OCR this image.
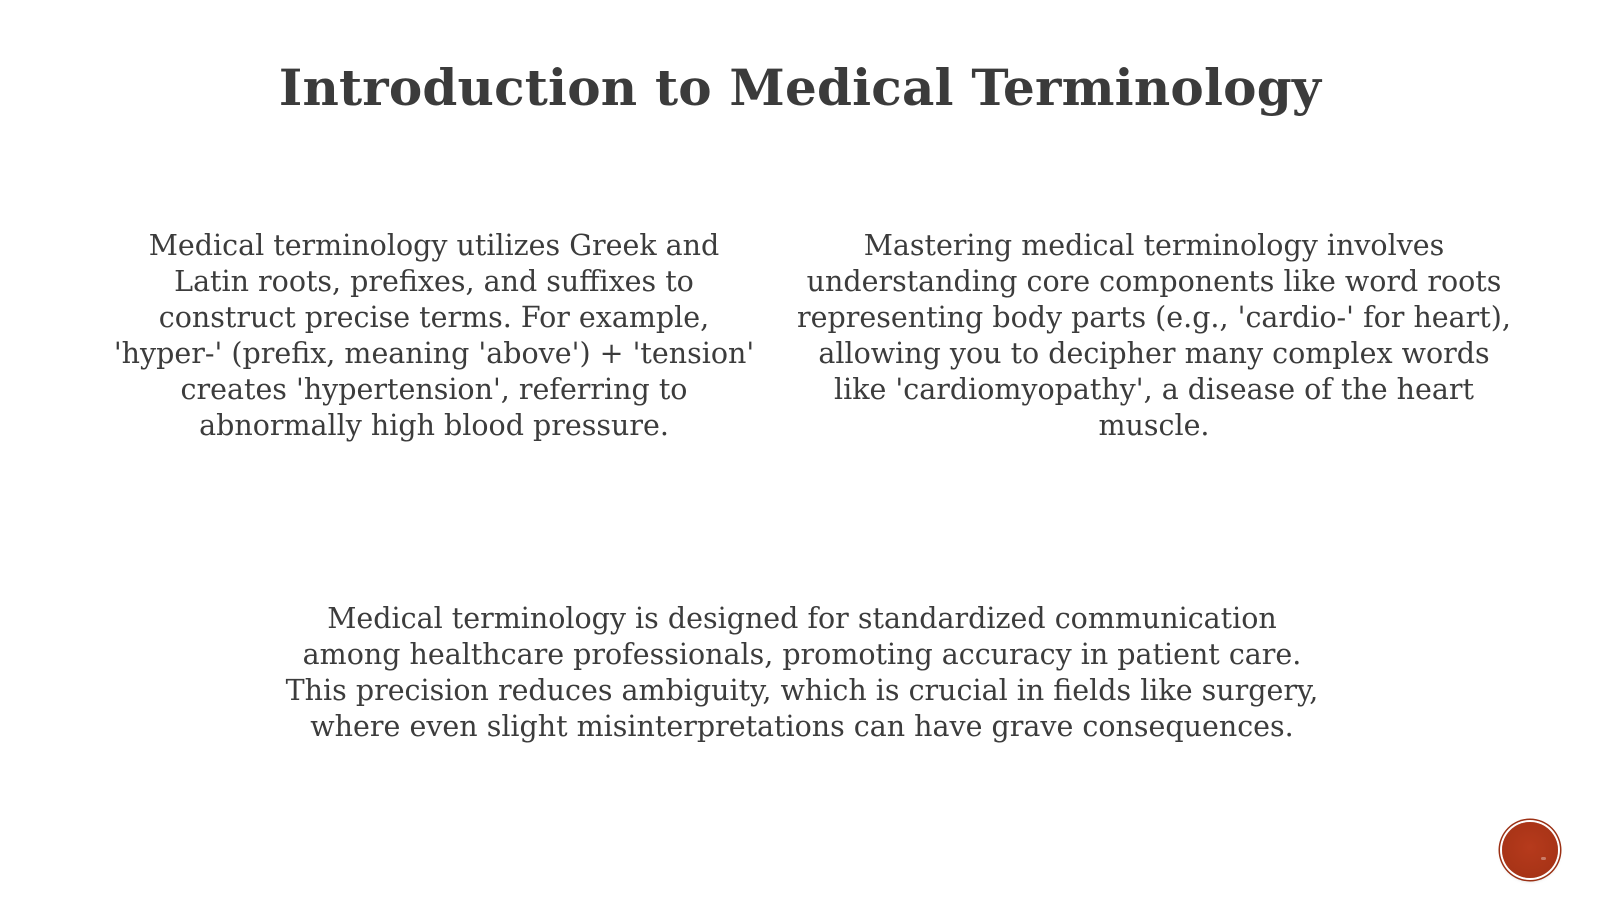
Introduction to Medical Terminology

Medical terminology utilizes Greek and Latin roots, prefixes, and suffixes to construct precise terms. For example, 'hyper-' (prefix, meaning 'above') + 'tension' creates 'hypertension', referring to abnormally high blood pressure.

Mastering medical terminology involves understanding core components like word roots representing body parts (e.g., 'cardio-' for heart), allowing you to decipher many complex words like 'cardiomyopathy', a disease of the heart muscle.

Medical terminology is designed for standardized communication among healthcare professionals, promoting accuracy in patient care. This precision reduces ambiguity, which is crucial in fields like surgery, where even slight misinterpretations can have grave consequences.
